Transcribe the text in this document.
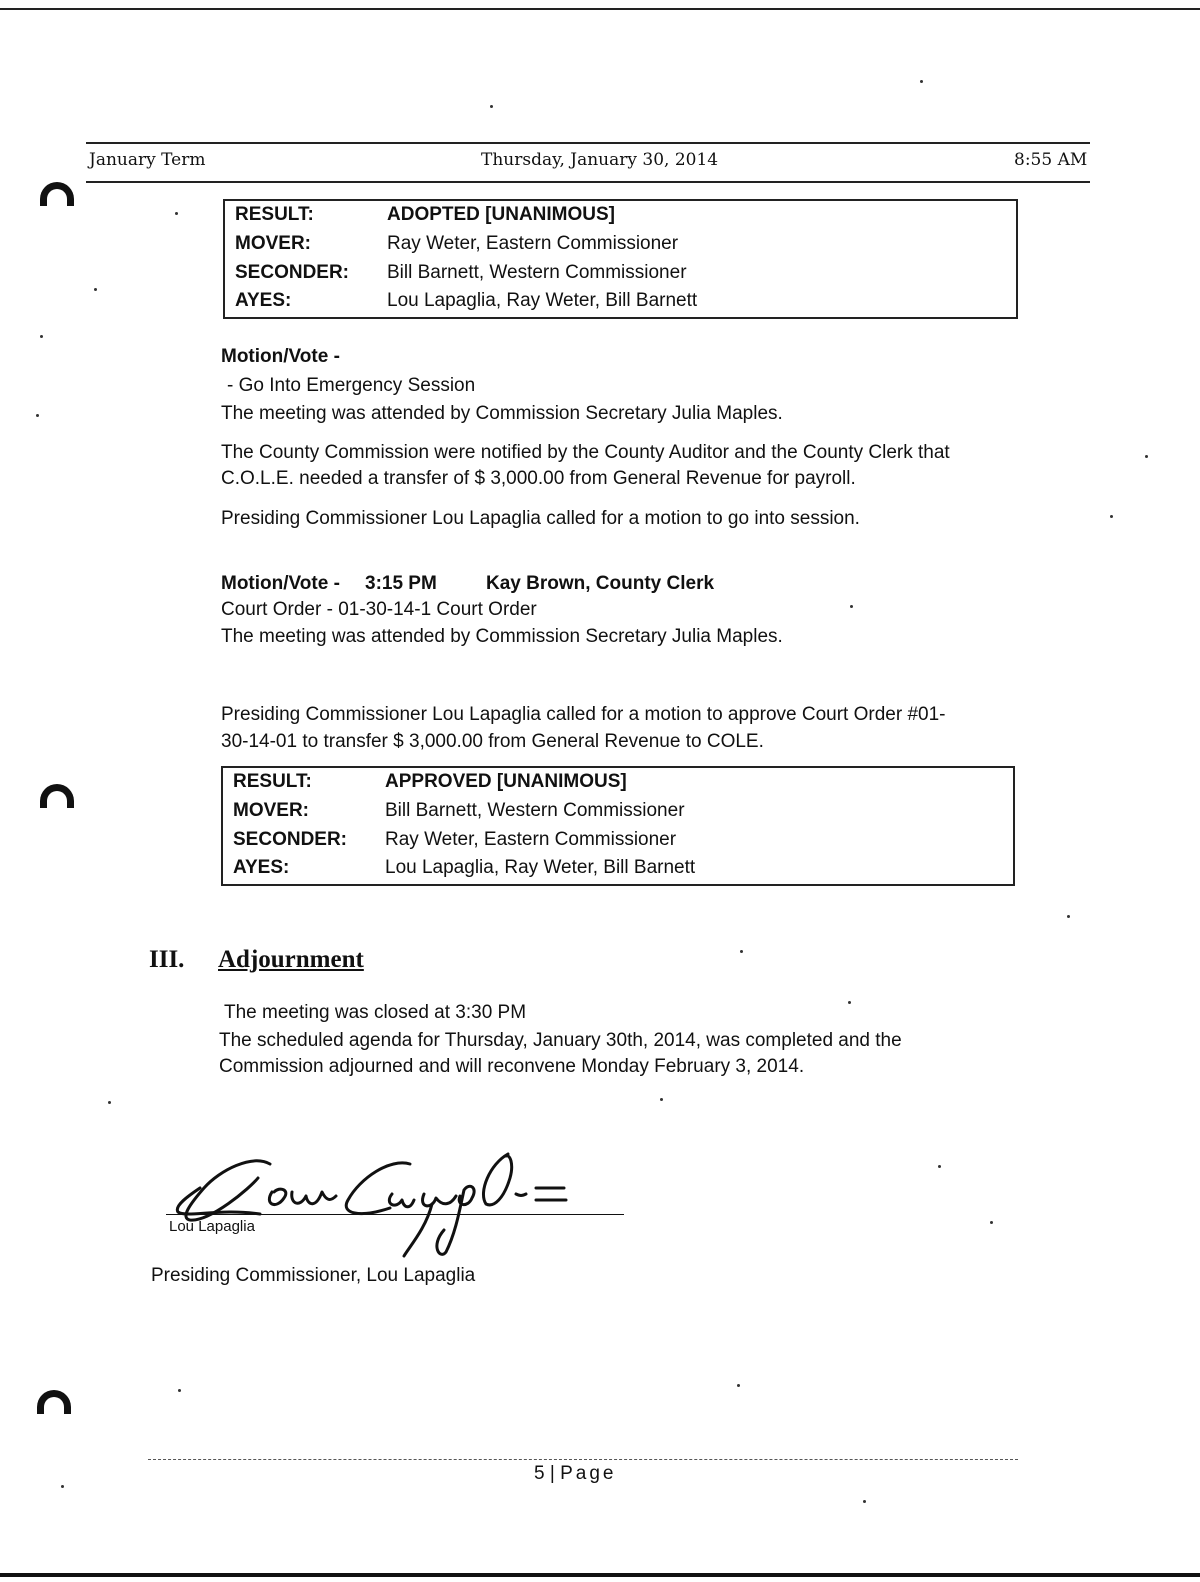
January Term	Thursday, January 30, 2014	8:55 AM
RESULT:	ADOPTED [UNANIMOUS]
MOVER:	Ray Weter, Eastern Commissioner
SECONDER: Bill Barnett, Western Commissioner
AYES:	Lou Lapaglia, Ray Weter, Bill Barnett
Motion/Vote -
- Go Into Emergency Session
The meeting was attended by Commission Secretary Julia Maples.
The County Commission were notified by the County Auditor and the County Clerk that
C.O.L.E. needed a transfer of $ 3,000.00 from General Revenue for payroll.
Presiding Commissioner Lou Lapaglia called for a motion to go into session.
Motion/Vote - 3:15 PM	Kay Brown, County Clerk
Court Order - 01-30-14-1 Court Order
The meeting was attended by Commission Secretary Julia Maples.
Presiding Commissioner Lou Lapaglia called for a motion to approve Court Order #01-
30-14-01 to transfer $ 3,000.00 from General Revenue to COLE.
RESULT:	APPROVED [UNANIMOUS]
MOVER:	Bill Barnett, Western Commissioner
SECONDER: Ray Weter, Eastern Commissioner
AYES:	Lou Lapaglia, Ray Weter, Bill Barnett
III. Adjournment
The meeting was closed at 3:30 PM
The scheduled agenda for Thursday, January 30th, 2014, was completed and the
Commission adjourned and will reconvene Monday February 3, 2014.
Lou Lapaglia
Presiding Commissioner, Lou Lapaglia
5 | Page
